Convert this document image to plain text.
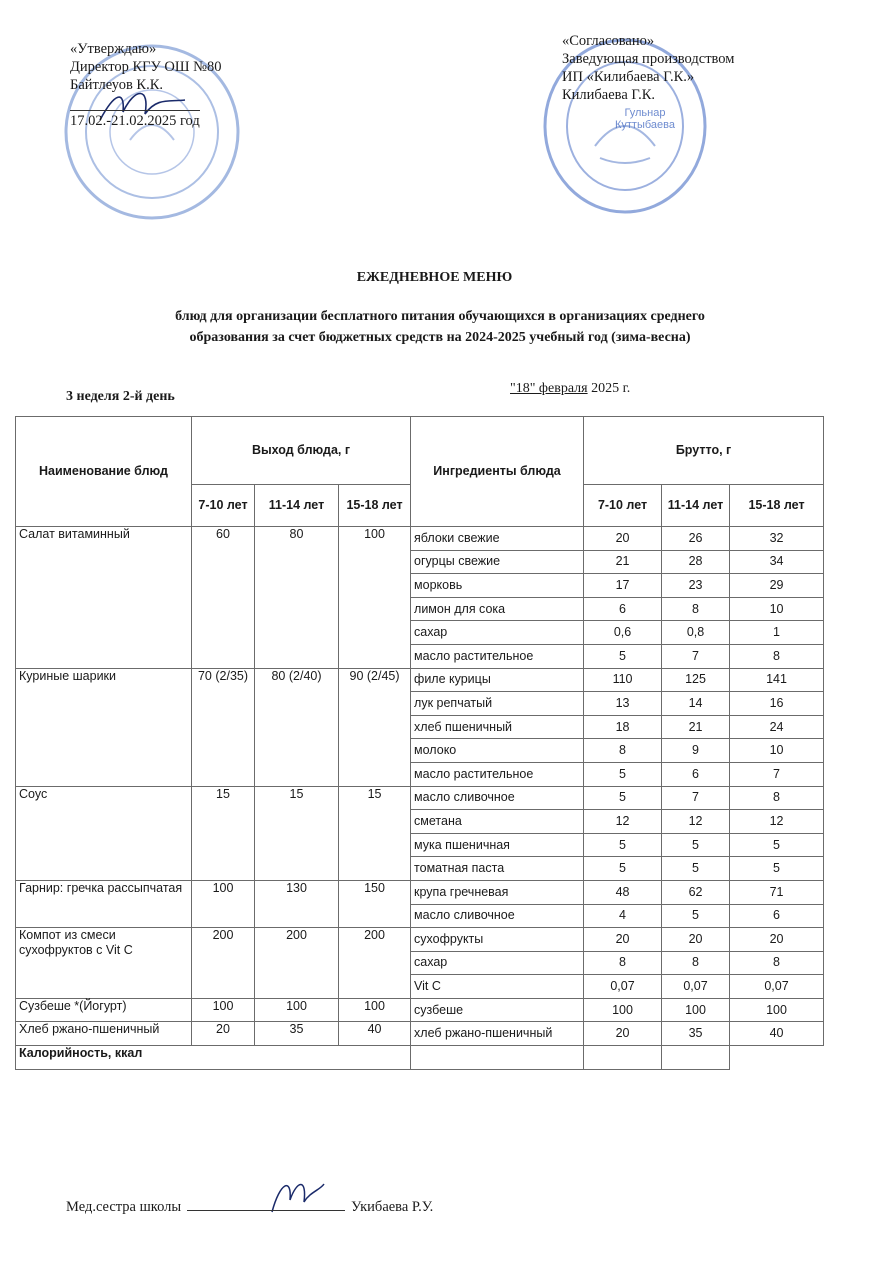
Гульнар Куттыбаева
«Утверждаю»
Директор КГУ ОШ №80
Байтлеуов К.К.
17.02.-21.02.2025 год
«Согласовано»
Заведующая производством
ИП «Килибаева Г.К.»
Килибаева Г.К.
ЕЖЕДНЕВНОЕ МЕНЮ
блюд для организации бесплатного питания обучающихся в организациях среднего
образования за счет бюджетных средств на 2024-2025 учебный год (зима-весна)
3 неделя 2-й день
"18" февраля 2025 г.
Наименование блюд	Выход блюда, г			Ингредиенты блюда	Брутто, г		
	7-10 лет	11-14 лет	15-18 лет		7-10 лет	11-14 лет	15-18 лет
Салат витаминный	60	80	100	яблоки свежие	20	26	32
				огурцы свежие	21	28	34
				морковь	17	23	29
				лимон для сока	6	8	10
				сахар	0,6	0,8	1
				масло растительное	5	7	8
Куриные шарики	70 (2/35)	80 (2/40)	90 (2/45)	филе курицы	110	125	141
				лук репчатый	13	14	16
				хлеб пшеничный	18	21	24
				молоко	8	9	10
				масло растительное	5	6	7
Соус	15	15	15	масло сливочное	5	7	8
				сметана	12	12	12
				мука пшеничная	5	5	5
				томатная паста	5	5	5
Гарнир: гречка рассыпчатая	100	130	150	крупа гречневая	48	62	71
				масло сливочное	4	5	6
Компот из смеси сухофруктов с Vit C	200	200	200	сухофрукты	20	20	20
				сахар	8	8	8
				Vit C	0,07	0,07	0,07
Сузбеше *(Йогурт)	100	100	100	сузбеше	100	100	100
Хлеб ржано-пшеничный	20	35	40	хлеб ржано-пшеничный	20	35	40
Калорийность, ккал							
Мед.сестра школы	Укибаева Р.У.
